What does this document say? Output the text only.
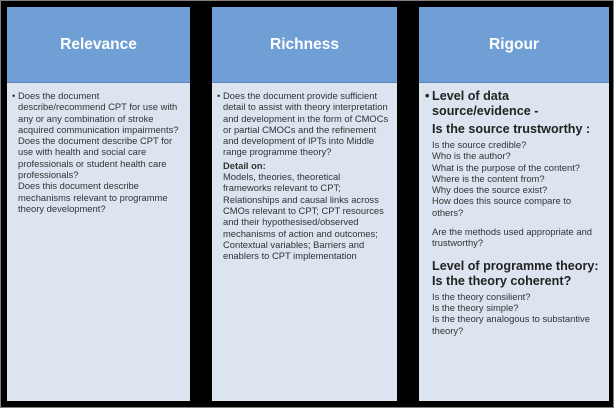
Relevance
• Does the document describe/recommend CPT for use with any or any combination of stroke acquired communication impairments?
Does the document describe CPT for use with health and social care professionals or student health care professionals?
Does this document describe mechanisms relevant to programme theory development?
Richness
• Does the document provide sufficient detail to assist with theory interpretation and development in the form of CMOCs or partial CMOCs and the refinement and development of IPTs into Middle range programme theory?
Detail on:
Models, theories, theoretical frameworks relevant to CPT; Relationships and causal links across CMOs relevant to CPT; CPT resources and their hypothesised/observed mechanisms of action and outcomes; Contextual variables; Barriers and enablers to CPT implementation
Rigour
• Level of data source/evidence -
Is the source trustworthy :
Is the source credible?
Who is the author?
What is the purpose of the content?
Where is the content from?
Why does the source exist?
How does this source compare to others?
Are the methods used appropriate and trustworthy?
Level of programme theory:
Is the theory coherent?
Is the theory consilient?
Is the theory simple?
Is the theory analogous to substantive theory?
